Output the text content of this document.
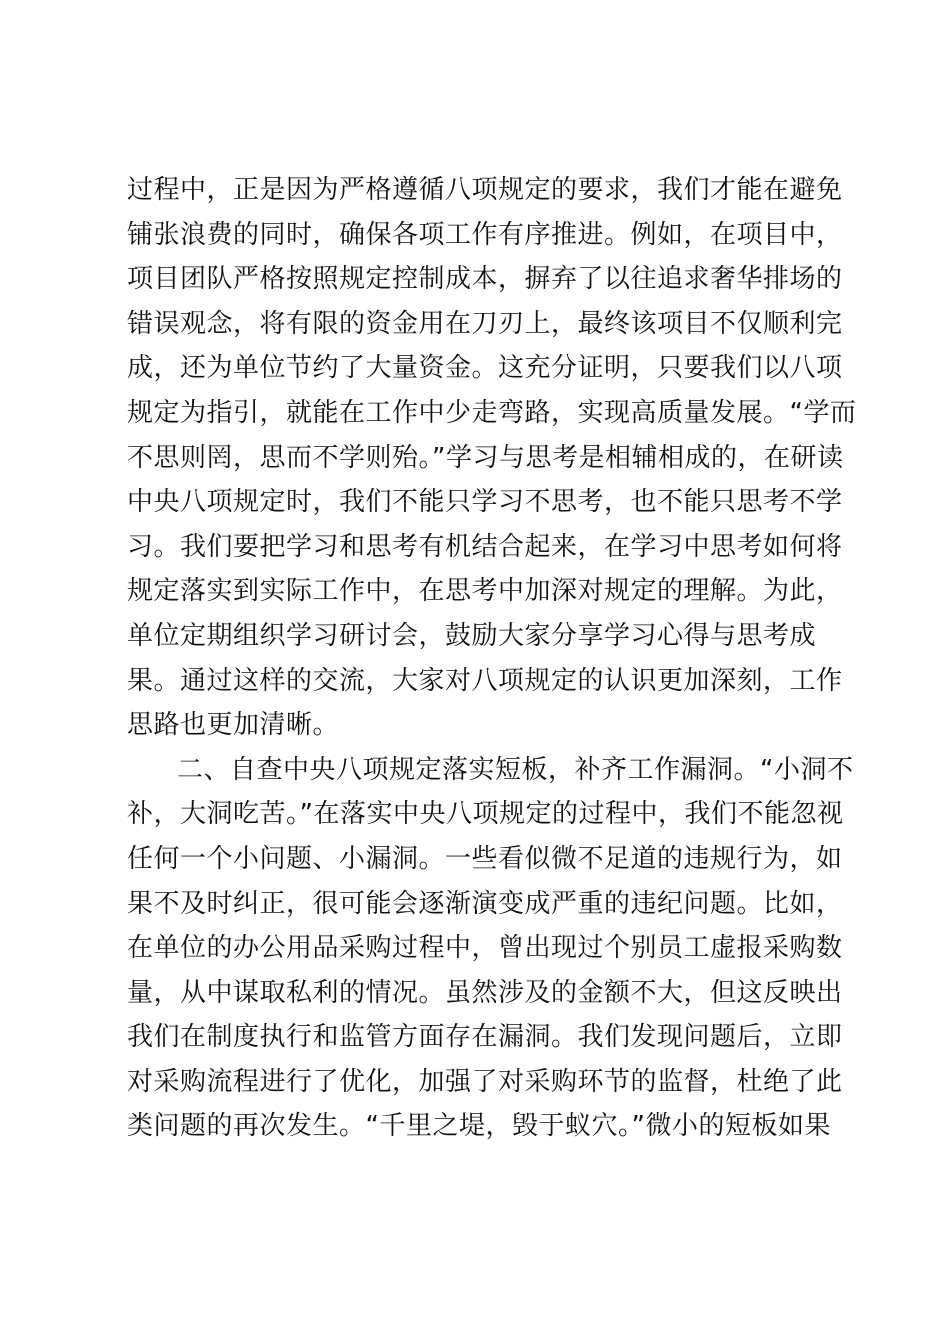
过程中，正是因为严格遵循八项规定的要求，我们才能在避免
铺张浪费的同时，确保各项工作有序推进。例如，在项目中，
项目团队严格按照规定控制成本，摒弃了以往追求奢华排场的
错误观念，将有限的资金用在刀刃上，最终该项目不仅顺利完
成，还为单位节约了大量资金。这充分证明，只要我们以八项
规定为指引，就能在工作中少走弯路，实现高质量发展。“学而
不思则罔，思而不学则殆。”学习与思考是相辅相成的，在研读
中央八项规定时，我们不能只学习不思考，也不能只思考不学
习。我们要把学习和思考有机结合起来，在学习中思考如何将
规定落实到实际工作中，在思考中加深对规定的理解。为此，
单位定期组织学习研讨会，鼓励大家分享学习心得与思考成
果。通过这样的交流，大家对八项规定的认识更加深刻，工作
思路也更加清晰。
二、自查中央八项规定落实短板，补齐工作漏洞。“小洞不
补，大洞吃苦。”在落实中央八项规定的过程中，我们不能忽视
任何一个小问题、小漏洞。一些看似微不足道的违规行为，如
果不及时纠正，很可能会逐渐演变成严重的违纪问题。比如，
在单位的办公用品采购过程中，曾出现过个别员工虚报采购数
量，从中谋取私利的情况。虽然涉及的金额不大，但这反映出
我们在制度执行和监管方面存在漏洞。我们发现问题后，立即
对采购流程进行了优化，加强了对采购环节的监督，杜绝了此
类问题的再次发生。“千里之堤，毁于蚁穴。”微小的短板如果
